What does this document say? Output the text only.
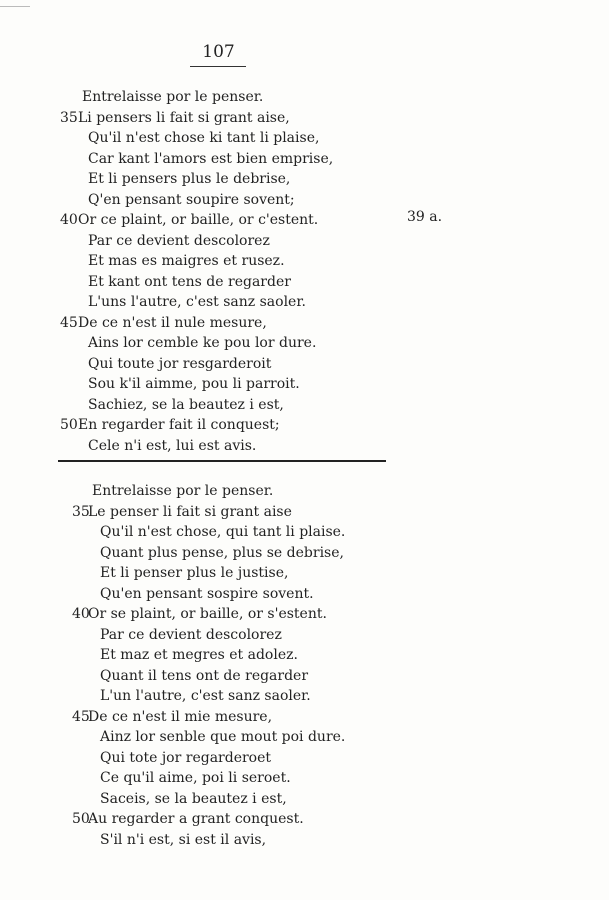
107
39 a.
Entrelaisse por le penser.
35 Li pensers li fait si grant aise,
Qu'il n'est chose ki tant li plaise,
Car kant l'amors est bien emprise,
Et li pensers plus le debrise,
Q'en pensant soupire sovent;
40 Or ce plaint, or baille, or c'estent.
Par ce devient descolorez
Et mas es maigres et rusez.
Et kant ont tens de regarder
L'uns l'autre, c'est sanz saoler.
45 De ce n'est il nule mesure,
Ains lor cemble ke pou lor dure.
Qui toute jor resgarderoit
Sou k'il aimme, pou li parroit.
Sachiez, se la beautez i est,
50 En regarder fait il conquest;
Cele n'i est, lui est avis.
Entrelaisse por le penser.
35
Le penser li fait si grant aise
Qu'il n'est chose, qui tant li plaise.
Quant plus pense, plus se debrise,
Et li penser plus le justise,
Qu'en pensant sospire sovent.
40
Or se plaint, or baille, or s'estent.
Par ce devient descolorez
Et maz et megres et adolez.
Quant il tens ont de regarder
L'un l'autre, c'est sanz saoler.
45
De ce n'est il mie mesure,
Ainz lor senble que mout poi dure.
Qui tote jor regarderoet
Ce qu'il aime, poi li seroet.
Saceis, se la beautez i est,
50
Au regarder a grant conquest.
S'il n'i est, si est il avis,
